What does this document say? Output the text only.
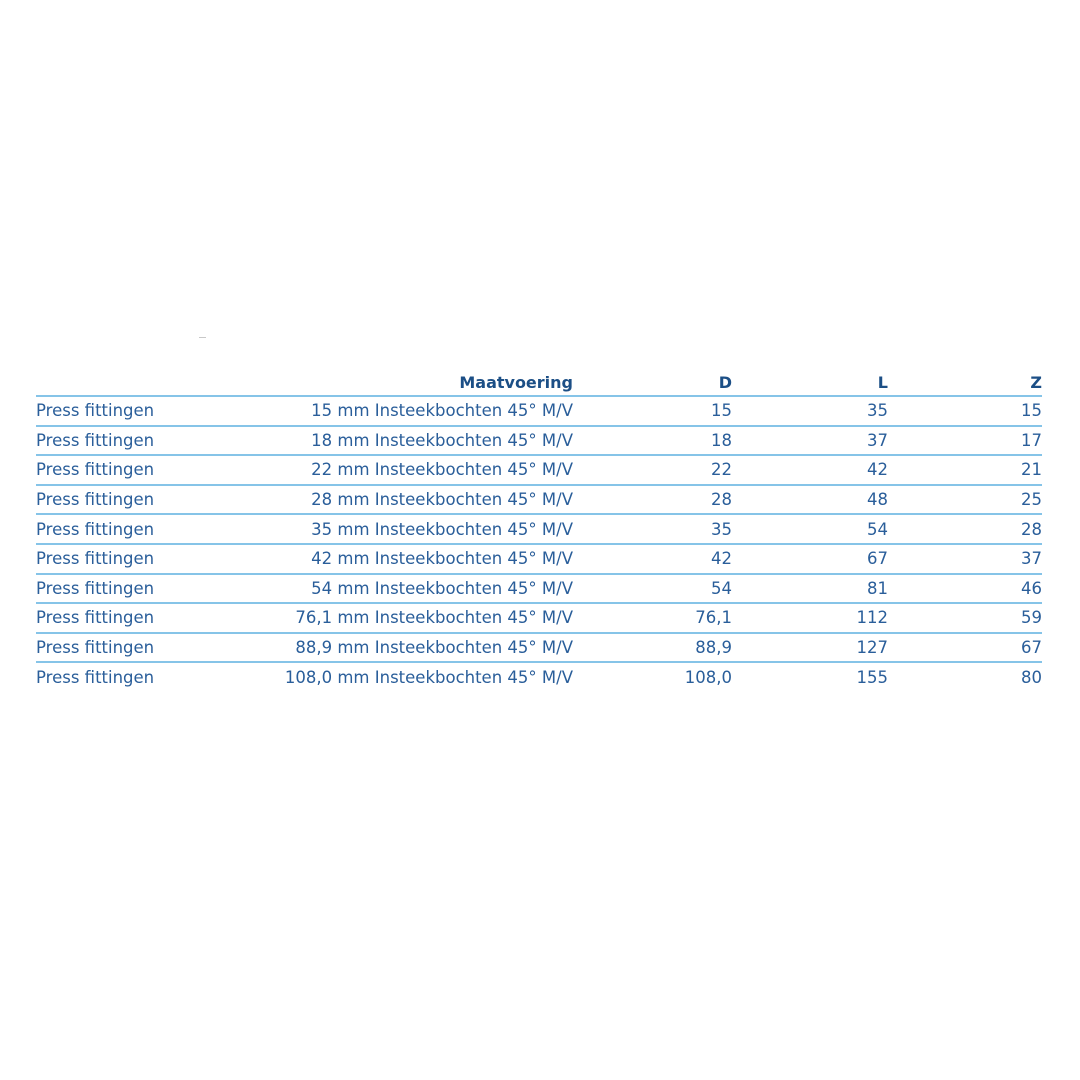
	Maatvoering	D	L	Z
Press fittingen	15 mm Insteekbochten 45° M/V	15	35	15
Press fittingen	18 mm Insteekbochten 45° M/V	18	37	17
Press fittingen	22 mm Insteekbochten 45° M/V	22	42	21
Press fittingen	28 mm Insteekbochten 45° M/V	28	48	25
Press fittingen	35 mm Insteekbochten 45° M/V	35	54	28
Press fittingen	42 mm Insteekbochten 45° M/V	42	67	37
Press fittingen	54 mm Insteekbochten 45° M/V	54	81	46
Press fittingen	76,1 mm Insteekbochten 45° M/V	76,1	112	59
Press fittingen	88,9 mm Insteekbochten 45° M/V	88,9	127	67
Press fittingen	108,0 mm Insteekbochten 45° M/V	108,0	155	80
